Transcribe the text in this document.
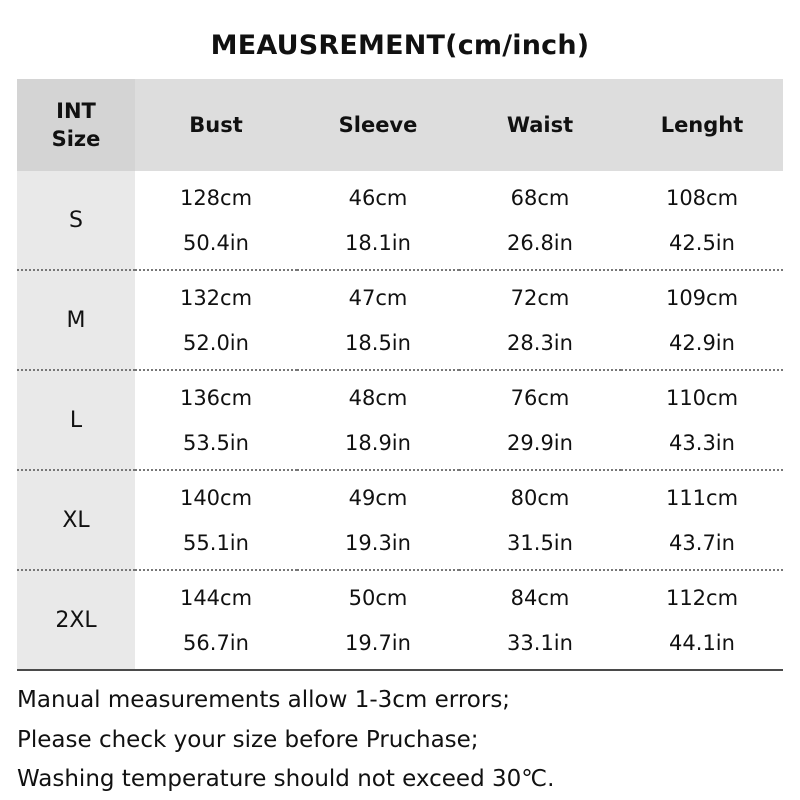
MEAUSREMENT(cm/inch)
INT
Size	Bust	Sleeve	Waist	Lenght
S	128cm	46cm	68cm	108cm
	50.4in	18.1in	26.8in	42.5in
M	132cm	47cm	72cm	109cm
	52.0in	18.5in	28.3in	42.9in
L	136cm	48cm	76cm	110cm
	53.5in	18.9in	29.9in	43.3in
XL	140cm	49cm	80cm	111cm
	55.1in	19.3in	31.5in	43.7in
2XL	144cm	50cm	84cm	112cm
	56.7in	19.7in	33.1in	44.1in
Manual measurements allow 1-3cm errors;
Please check your size before Pruchase;
Washing temperature should not exceed 30℃.
